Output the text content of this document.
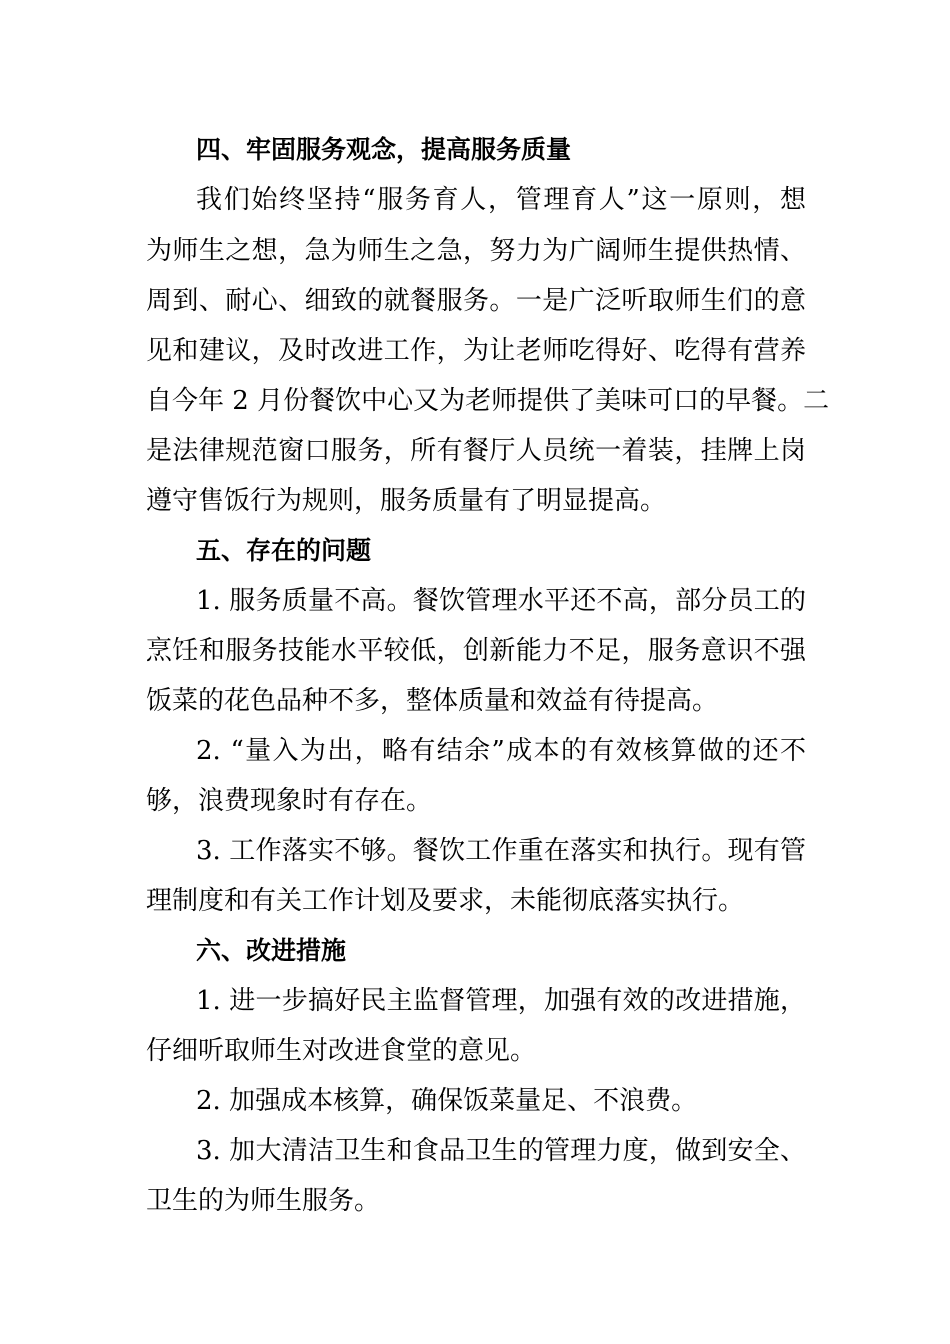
四、牢固服务观念，提高服务质量
我们始终坚持“服务育人，管理育人”这一原则，想
为师生之想，急为师生之急，努力为广阔师生提供热情、
周到、耐心、细致的就餐服务。一是广泛听取师生们的意
见和建议，及时改进工作，为让老师吃得好、吃得有营养
自今年 2 月份餐饮中心又为老师提供了美味可口的早餐。二
是法律规范窗口服务，所有餐厅人员统一着装，挂牌上岗
遵守售饭行为规则，服务质量有了明显提高。
五、存在的问题
1. 服务质量不高。餐饮管理水平还不高，部分员工的
烹饪和服务技能水平较低，创新能力不足，服务意识不强
饭菜的花色品种不多，整体质量和效益有待提高。
2. “量入为出，略有结余”成本的有效核算做的还不
够，浪费现象时有存在。
3. 工作落实不够。餐饮工作重在落实和执行。现有管
理制度和有关工作计划及要求，未能彻底落实执行。
六、改进措施
1. 进一步搞好民主监督管理，加强有效的改进措施，
仔细听取师生对改进食堂的意见。
2. 加强成本核算，确保饭菜量足、不浪费。
3. 加大清洁卫生和食品卫生的管理力度，做到安全、
卫生的为师生服务。
